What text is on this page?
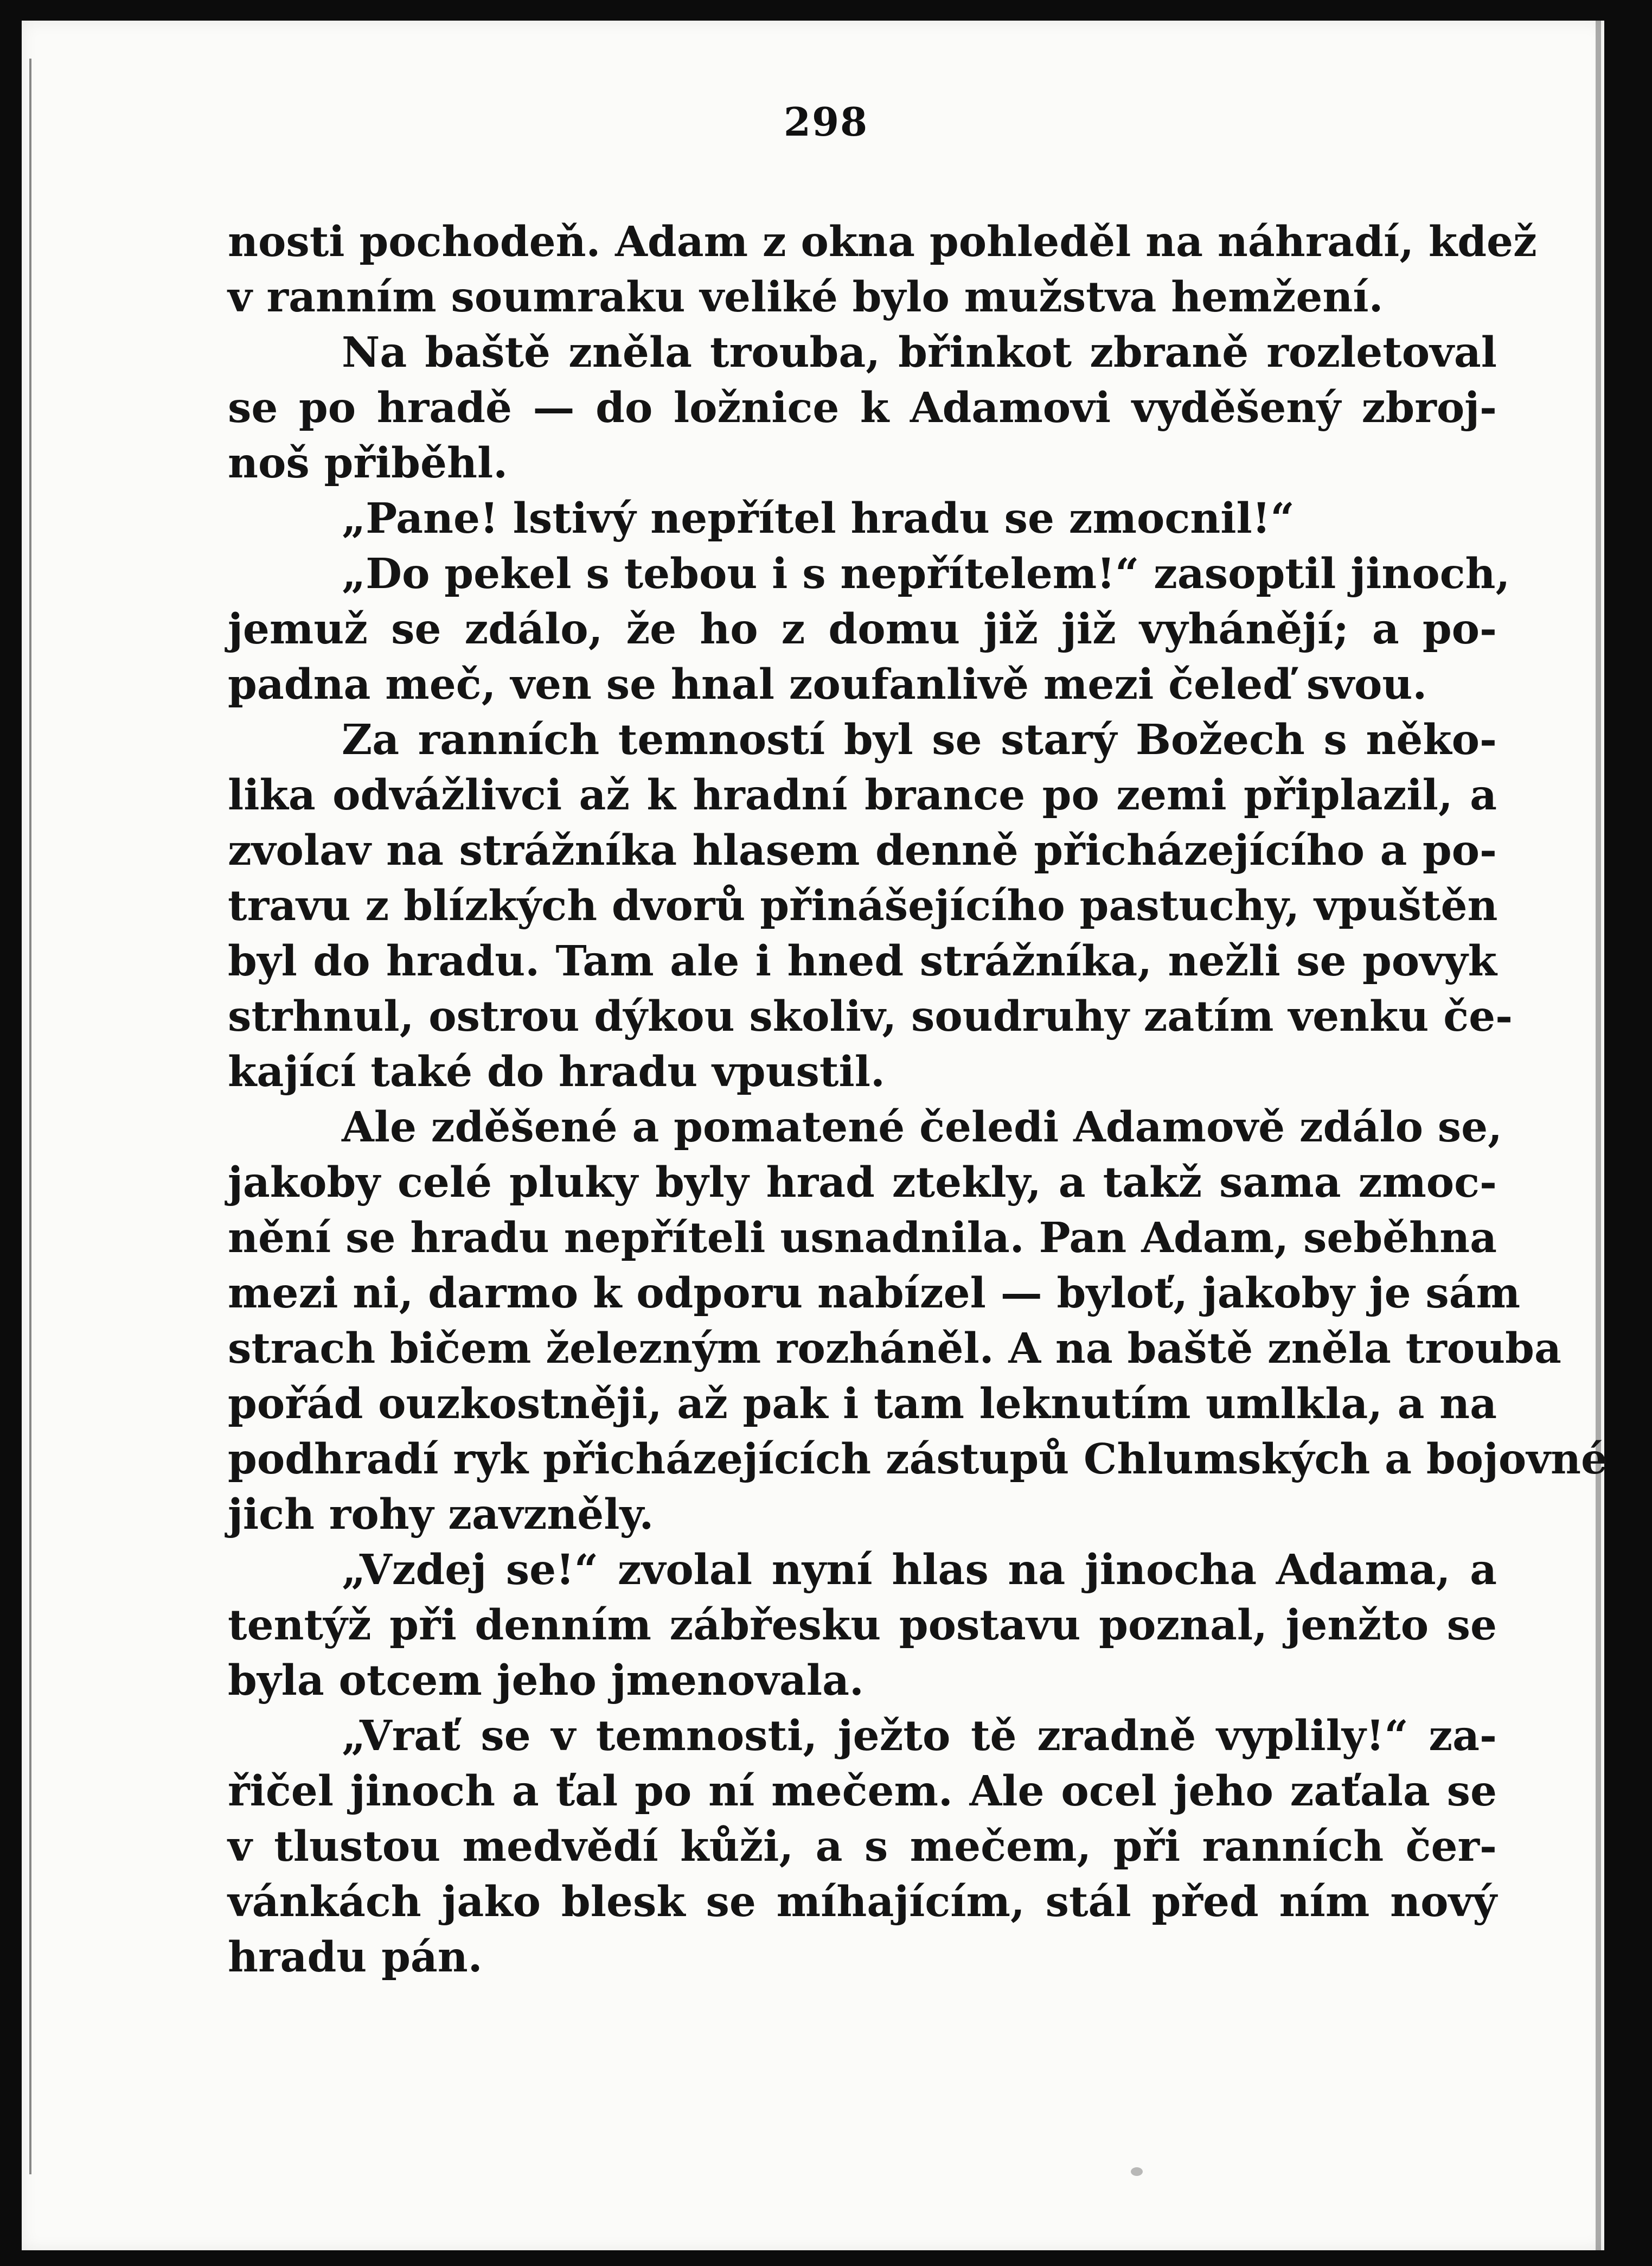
298
nosti pochodeň. Adam z okna pohleděl na náhradí, kdež
v ranním soumraku veliké bylo mužstva hemžení.
Na baště zněla trouba, břinkot zbraně rozletoval
se po hradě — do ložnice k Adamovi vyděšený zbroj-
noš přiběhl.
„Pane! lstivý nepřítel hradu se zmocnil!“
„Do pekel s tebou i s nepřítelem!“ zasoptil jinoch,
jemuž se zdálo, že ho z domu již již vyhánějí; a po-
padna meč, ven se hnal zoufanlivě mezi čeleď svou.
Za ranních temností byl se starý Božech s něko-
lika odvážlivci až k hradní brance po zemi připlazil, a
zvolav na strážníka hlasem denně přicházejícího a po-
travu z blízkých dvorů přinášejícího pastuchy, vpuštěn
byl do hradu. Tam ale i hned strážníka, nežli se povyk
strhnul, ostrou dýkou skoliv, soudruhy zatím venku če-
kající také do hradu vpustil.
Ale zděšené a pomatené čeledi Adamově zdálo se,
jakoby celé pluky byly hrad ztekly, a takž sama zmoc-
nění se hradu nepříteli usnadnila. Pan Adam, seběhna
mezi ni, darmo k odporu nabízel — byloť, jakoby je sám
strach bičem železným rozháněl. A na baště zněla trouba
pořád ouzkostněji, až pak i tam leknutím umlkla, a na
podhradí ryk přicházejících zástupů Chlumských a bojovné
jich rohy zavzněly.
„Vzdej se!“ zvolal nyní hlas na jinocha Adama, a
tentýž při denním zábřesku postavu poznal, jenžto se
byla otcem jeho jmenovala.
„Vrať se v temnosti, ježto tě zradně vyplily!“ za-
řičel jinoch a ťal po ní mečem. Ale ocel jeho zaťala se
v tlustou medvědí kůži, a s mečem, při ranních čer-
vánkách jako blesk se míhajícím, stál před ním nový
hradu pán.
